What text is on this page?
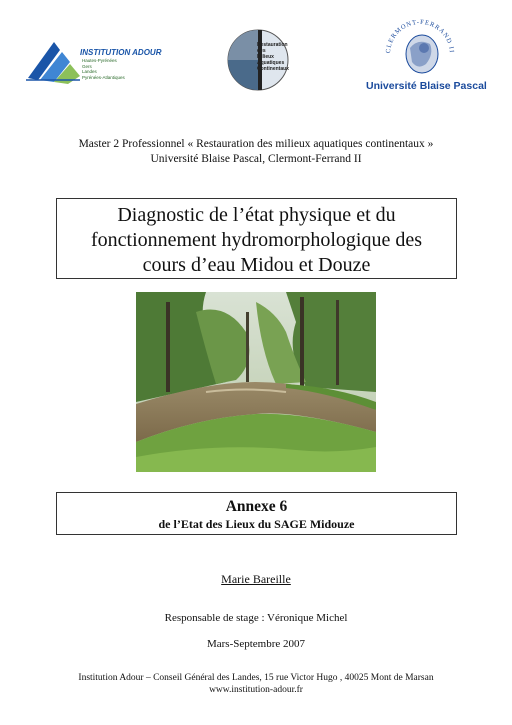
INSTITUTION ADOUR
Hautes-Pyrénées
Gers
Landes
Pyrénées-Atlantiques
Restauration
des
Milieux
Aquatiques
Continentaux
CLERMONT-FERRAND II
Université Blaise Pascal
Master 2 Professionnel « Restauration des milieux aquatiques continentaux »
Université Blaise Pascal, Clermont-Ferrand II
Diagnostic de l’état physique et du
fonctionnement hydromorphologique des
cours d’eau Midou et Douze
Annexe 6
de l’Etat des Lieux du SAGE Midouze
Marie Bareille
Responsable de stage : Véronique Michel
Mars-Septembre 2007
Institution Adour – Conseil Général des Landes, 15 rue Victor Hugo , 40025 Mont de Marsan
www.institution-adour.fr
